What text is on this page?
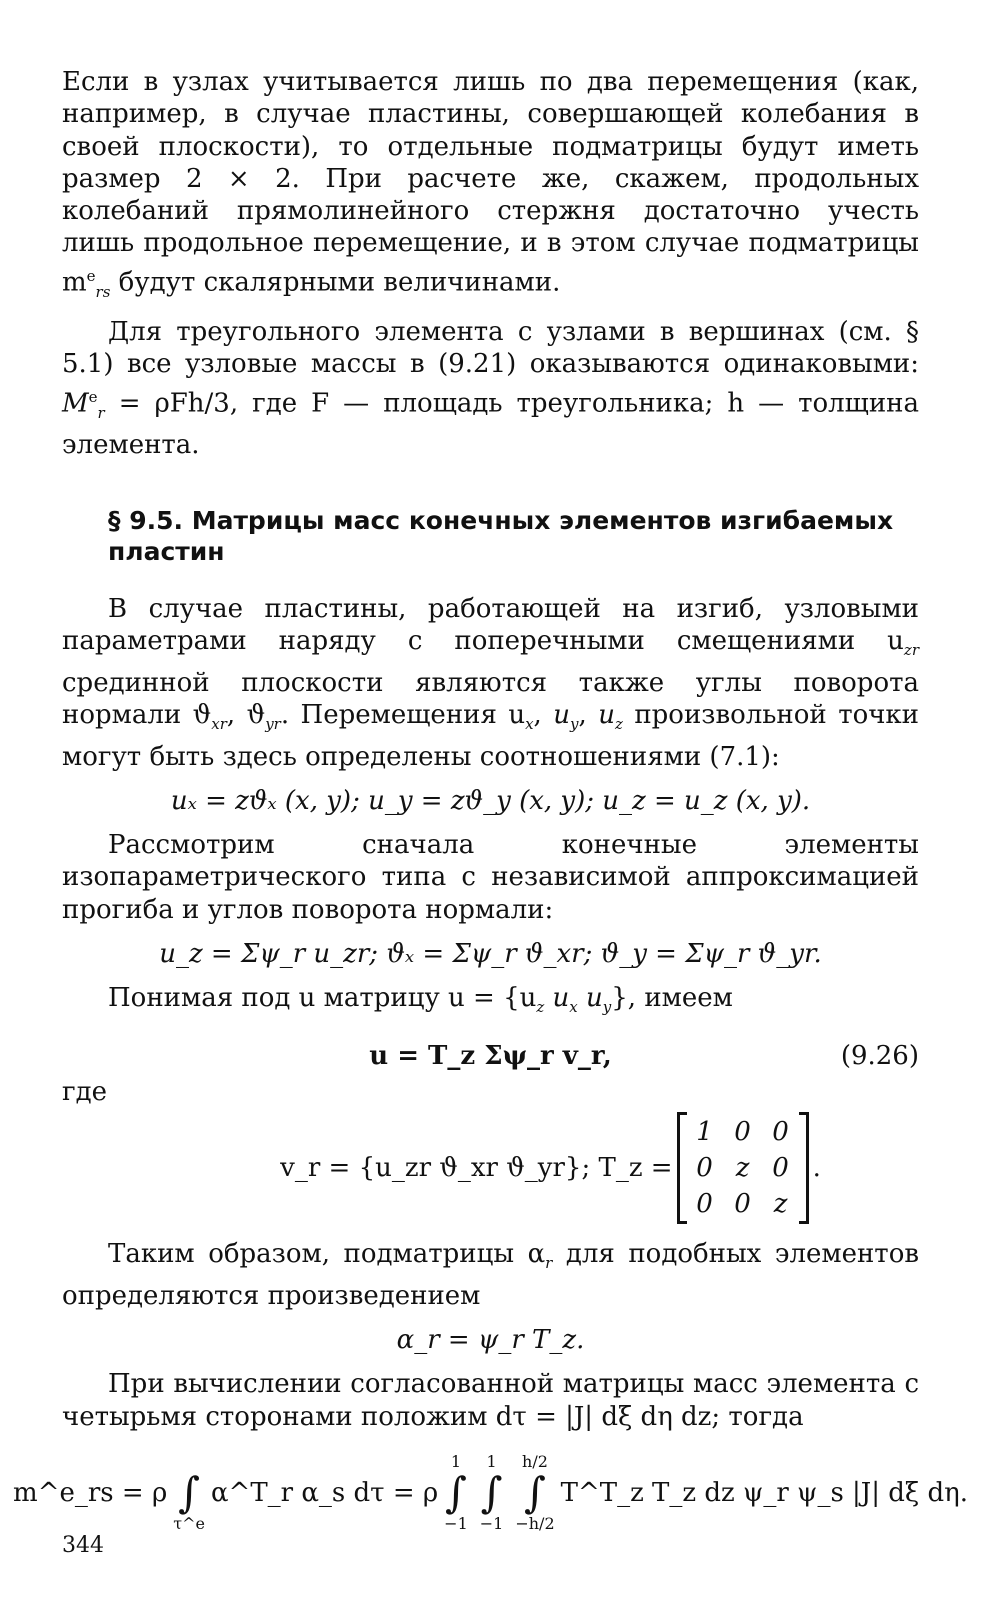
Если в узлах учитывается лишь по два перемещения (как, например, в случае пластины, совершающей колебания в своей плоскости), то отдельные подматрицы будут иметь размер 2 × 2. При расчете же, скажем, продольных колебаний прямолинейного стержня достаточно учесть лишь продольное перемещение, и в этом случае подматрицы $m^e_{rs}$ будут скалярными величинами.

Для треугольного элемента с узлами в вершинах (см. § 5.1) все узловые массы в (9.21) оказываются одинаковыми: $M^e_r = \rho Fh/3$, где F — площадь треугольника; h — толщина элемента.

§ 9.5. Матрицы масс конечных элементов изгибаемых пластин

В случае пластины, работающей на изгиб, узловыми параметрами наряду с поперечными смещениями $u_{zr}$ срединной плоскости являются также углы поворота нормали $ϑ_{xr}$, $ϑ_{yr}$. Перемещения $u_x$, $u_y$, $u_z$ произвольной точки могут быть здесь определены соотношениями (7.1):

uₓ = zϑₓ (x, y); u_y = zϑ_y (x, y); u_z = u_z (x, y).

Рассмотрим сначала конечные элементы изопараметрического типа с независимой аппроксимацией прогиба и углов поворота нормали:

u_z = Σψ_r u_zr; ϑₓ = Σψ_r ϑ_xr; ϑ_y = Σψ_r ϑ_yr.

Понимая под u матрицу $u = \{u_z$ $u_x$ $u_y$}, имеем

u = T_z Σψ_r v_r,	(9.26)

где

v_r = {u_zr ϑ_xr ϑ_yr}; T_z =
1 0 0
0 z 0
0 0 z
.

Таким образом, подматрицы $\alpha_r$ для подобных элементов определяются произведением

α_r = ψ_r T_z.

При вычислении согласованной матрицы масс элемента с четырьмя сторонами положим dτ = |J| dξ dη dz; тогда

m^e_rs = ρ
∫
τ^e
α^T_r α_s dτ = ρ
1
∫
−1
1
∫
−1
h/2
∫
−h/2
T^T_z T_z dz ψ_r ψ_s |J| dξ dη.
344
